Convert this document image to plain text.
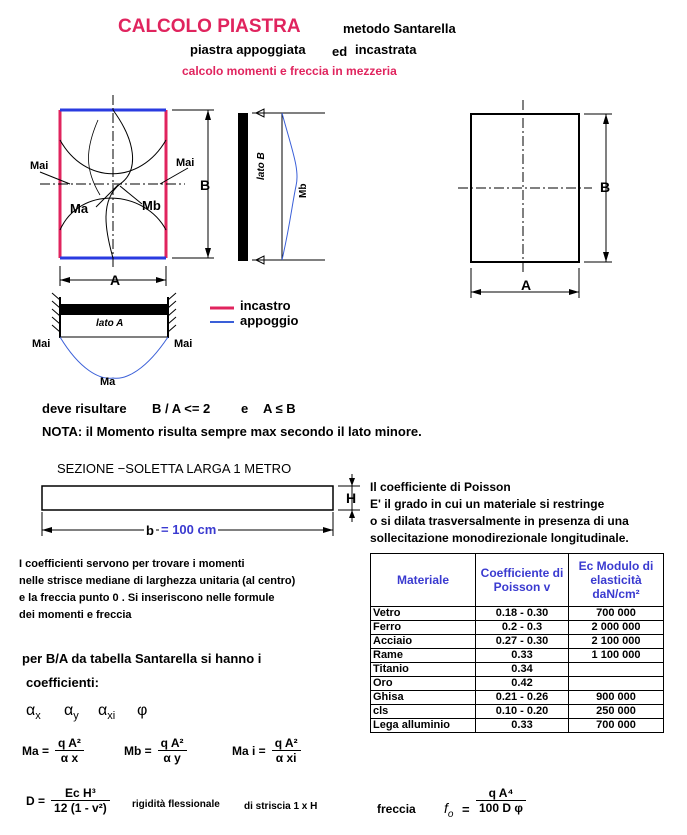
CALCOLO PIASTRA	metodo Santarella
piastra appoggiata ed incastrata
calcolo momenti e freccia in mezzeria
Mai	Mai
Ma	Mb
B
A
lato B
Mb
lato A
Mai	Mai
Ma
incastro
appoggio
B
A
deve risultare B / A <= 2 e A ≤ B
NOTA: il Momento risulta sempre max secondo il lato minore.
SEZIONE −SOLETTA LARGA 1 METRO
H
b = 100 cm
Il coefficiente di Poisson
E' il grado in cui un materiale si restringe
o si dilata trasversalmente in presenza di una
sollecitazione monodirezionale longitudinale.
I coefficienti servono per trovare i momenti
nelle strisce mediane di larghezza unitaria (al centro)
e la freccia punto 0 . Si inseriscono nelle formule
dei momenti e freccia
per B/A da tabella Santarella si hanno i
coefficienti:
$\alpha_x$ $\alpha_y$ $\alpha_{xi}$ φ
$Ma = \frac{\text{q A²}}{\text{α x}}$	$Mb = \frac{\text{q A²}}{\text{α y}}$	Ma $i = \frac{\text{q A²}}{\text{α xi}}$
$D = \frac{\text{Ec H³}}{\text{12 (1 - v²)}}$ rigidità flessionale di striscia 1 x H	freccia $f_o = \frac{\text{q A⁴}}{\text{100 D φ}}$
Materiale	Coefficiente di Poisson v	Ec Modulo di elasticità daN/cm²
Vetro	0.18 - 0.30	700 000
Ferro	0.2 - 0.3	2 000 000
Acciaio	0.27 - 0.30	2 100 000
Rame	0.33	1 100 000
Titanio	0.34	
Oro	0.42	
Ghisa	0.21 - 0.26	900 000
cls	0.10 - 0.20	250 000
Lega alluminio	0.33	700 000
